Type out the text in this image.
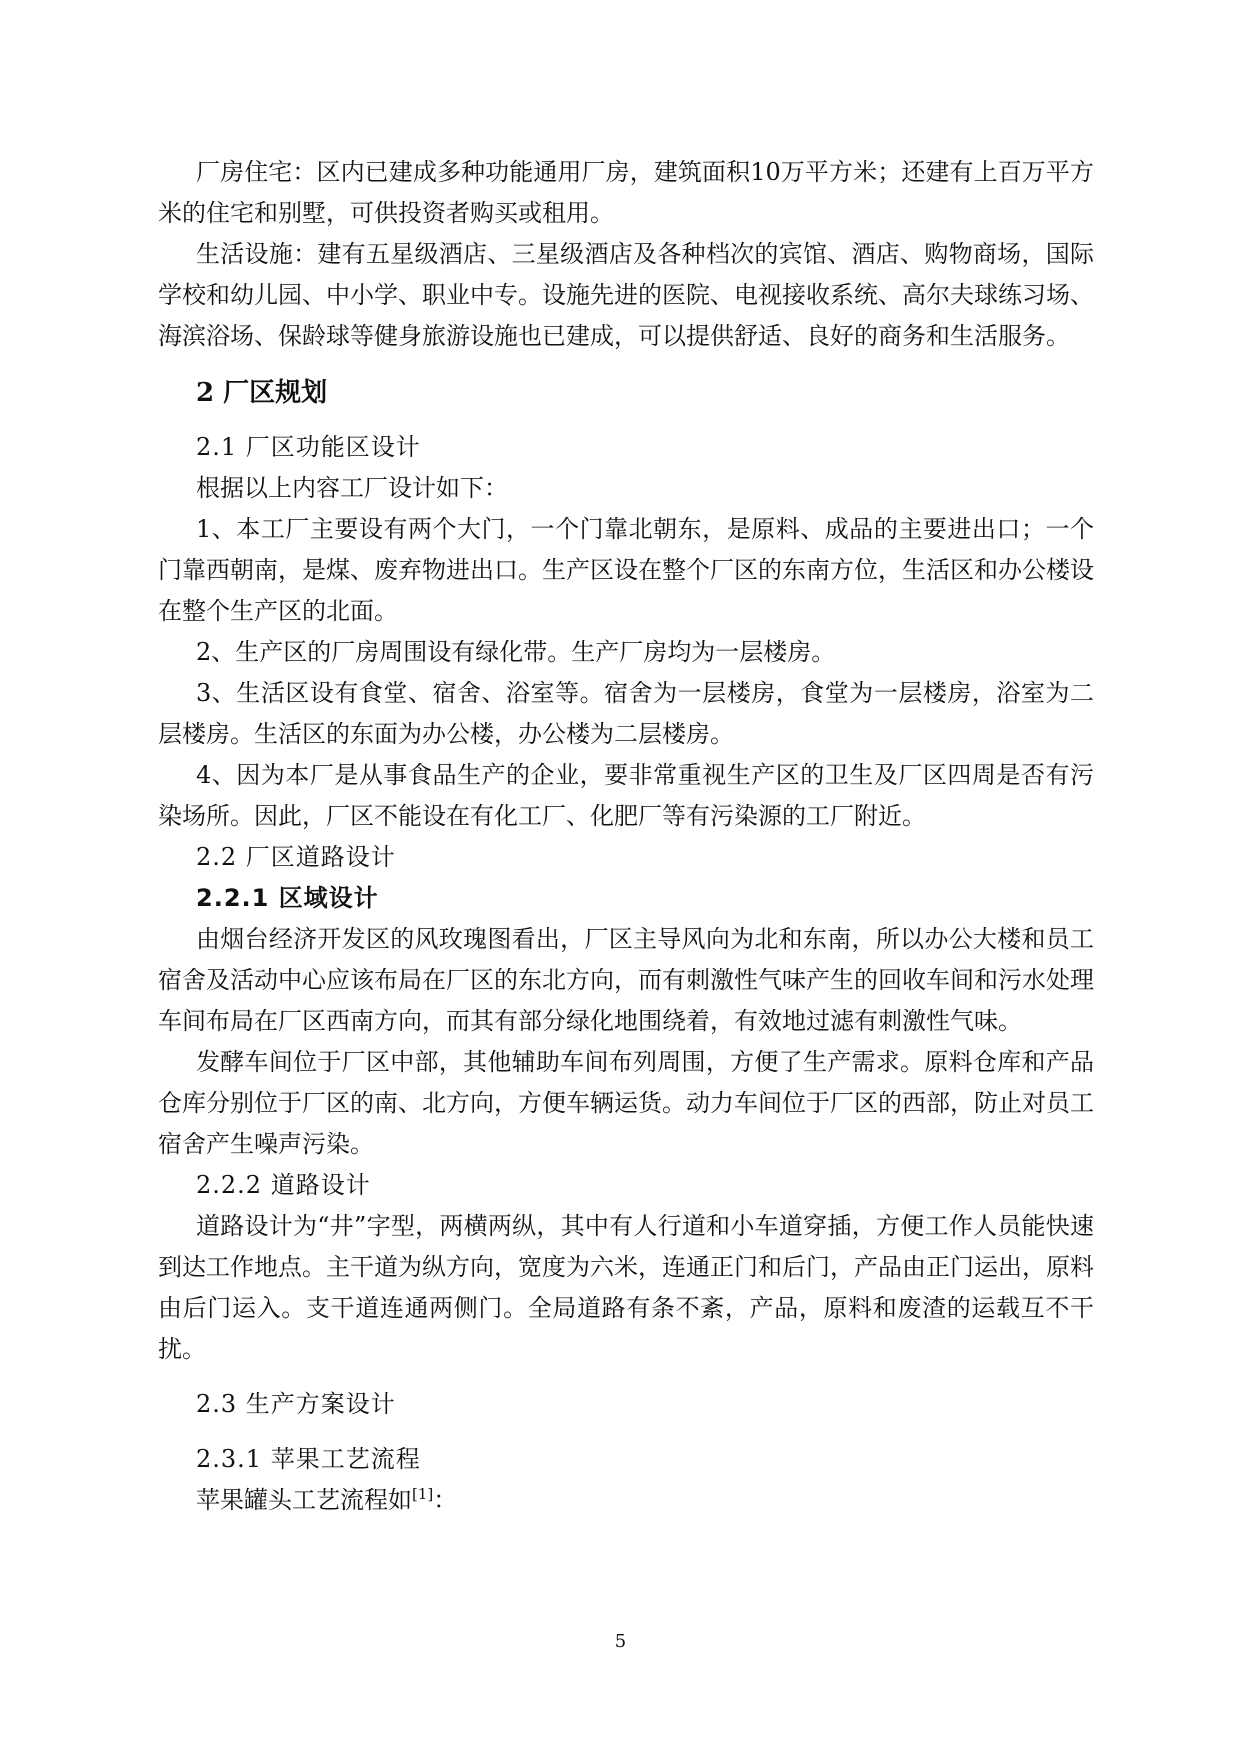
厂房住宅：区内已建成多种功能通用厂房，建筑面积10万平方米；还建有上百万平方米的住宅和别墅，可供投资者购买或租用。

生活设施：建有五星级酒店、三星级酒店及各种档次的宾馆、酒店、购物商场，国际学校和幼儿园、中小学、职业中专。设施先进的医院、电视接收系统、高尔夫球练习场、海滨浴场、保龄球等健身旅游设施也已建成，可以提供舒适、良好的商务和生活服务。

2 厂区规划

2.1 厂区功能区设计

根据以上内容工厂设计如下：

1、本工厂主要设有两个大门，一个门靠北朝东，是原料、成品的主要进出口；一个门靠西朝南，是煤、废弃物进出口。生产区设在整个厂区的东南方位，生活区和办公楼设在整个生产区的北面。

2、生产区的厂房周围设有绿化带。生产厂房均为一层楼房。

3、生活区设有食堂、宿舍、浴室等。宿舍为一层楼房，食堂为一层楼房，浴室为二层楼房。生活区的东面为办公楼，办公楼为二层楼房。

4、因为本厂是从事食品生产的企业，要非常重视生产区的卫生及厂区四周是否有污染场所。因此，厂区不能设在有化工厂、化肥厂等有污染源的工厂附近。

2.2 厂区道路设计

2.2.1 区域设计

由烟台经济开发区的风玫瑰图看出，厂区主导风向为北和东南，所以办公大楼和员工宿舍及活动中心应该布局在厂区的东北方向，而有刺激性气味产生的回收车间和污水处理车间布局在厂区西南方向，而其有部分绿化地围绕着，有效地过滤有刺激性气味。

发酵车间位于厂区中部，其他辅助车间布列周围，方便了生产需求。原料仓库和产品仓库分别位于厂区的南、北方向，方便车辆运货。动力车间位于厂区的西部，防止对员工宿舍产生噪声污染。

2.2.2 道路设计

道路设计为“井”字型，两横两纵，其中有人行道和小车道穿插，方便工作人员能快速到达工作地点。主干道为纵方向，宽度为六米，连通正门和后门，产品由正门运出，原料由后门运入。支干道连通两侧门。全局道路有条不紊，产品，原料和废渣的运载互不干扰。

2.3 生产方案设计

2.3.1 苹果工艺流程

苹果罐头工艺流程如[1]：

5
